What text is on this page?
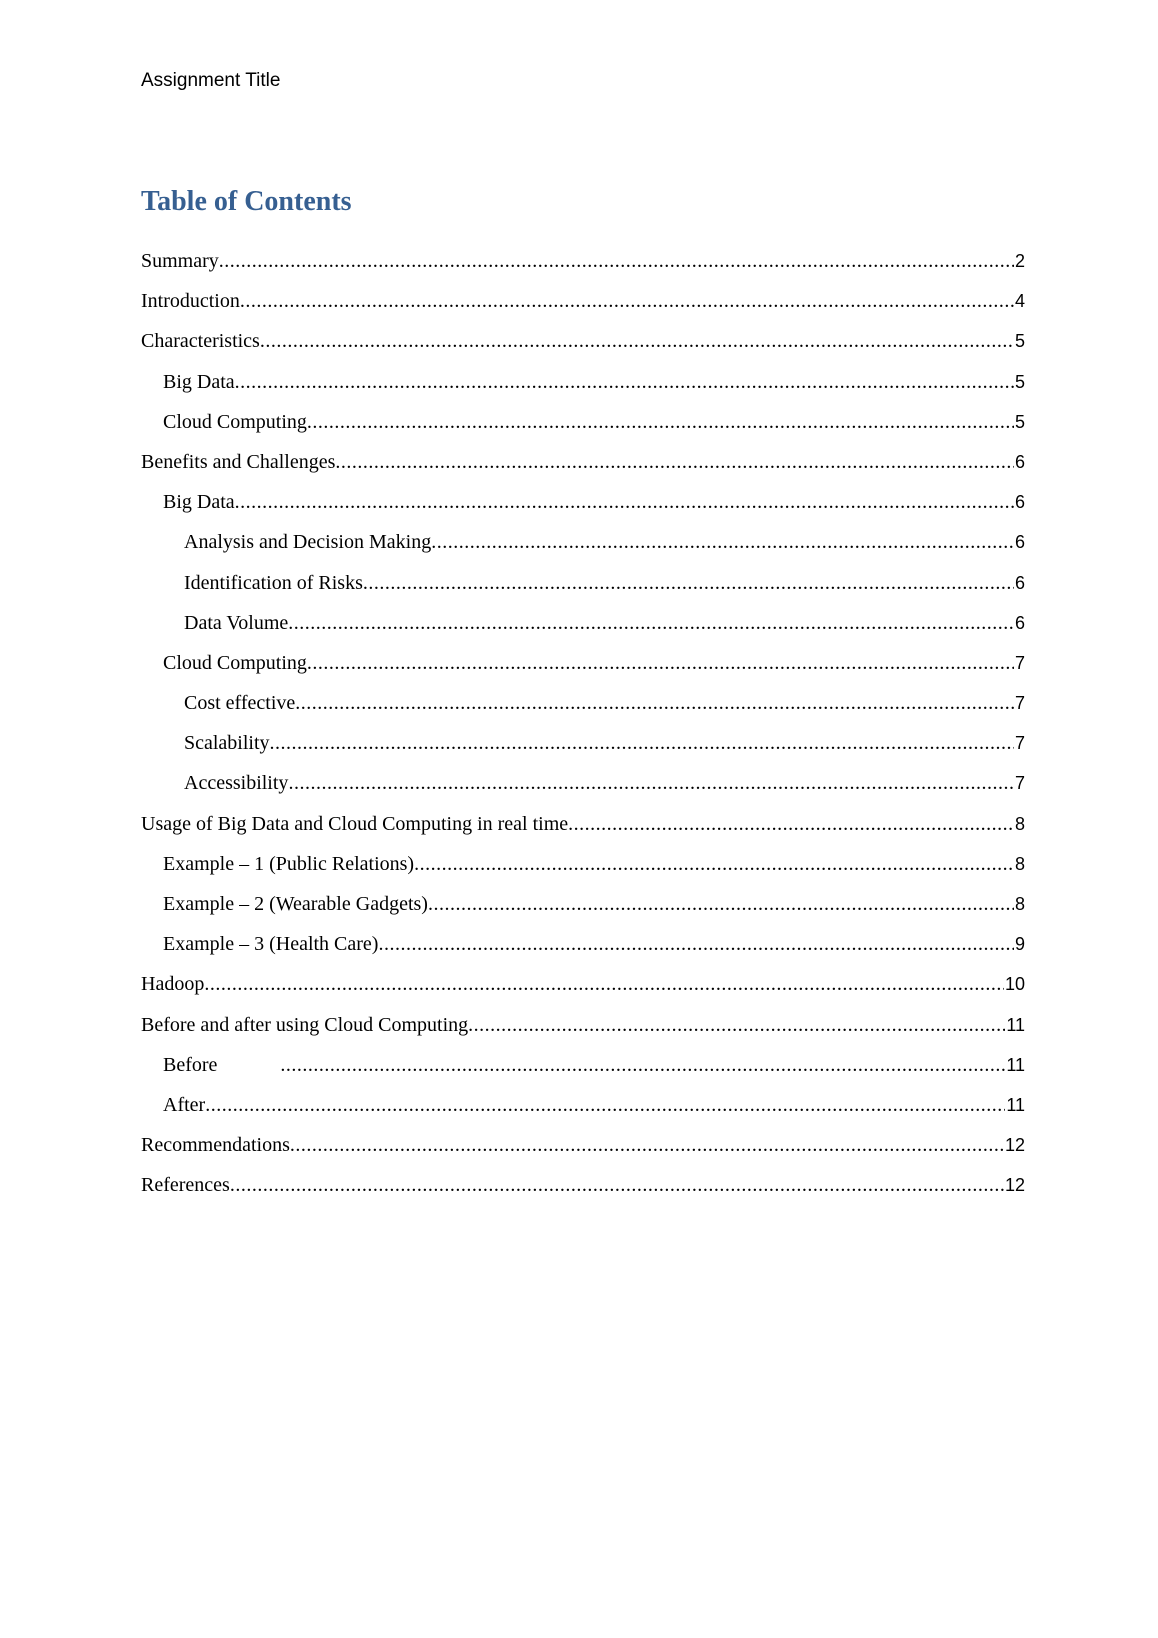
Assignment Title
Table of Contents
Summary .....	2
Introduction .....	4
Characteristics .....	5
Big Data .....	5
Cloud Computing .....	5
Benefits and Challenges .....	6
Big Data .....	6
Analysis and Decision Making .....	6
Identification of Risks .....	6
Data Volume .....	6
Cloud Computing .....	7
Cost effective .....	7
Scalability .....	7
Accessibility .....	7
Usage of Big Data and Cloud Computing in real time .....	8
Example – 1 (Public Relations) .....	8
Example – 2 (Wearable Gadgets) .....	8
Example – 3 (Health Care) .....	9
Hadoop .....	10
Before and after using Cloud Computing .....	11
Before .....	11
After .....	11
Recommendations .....	12
References .....	12
